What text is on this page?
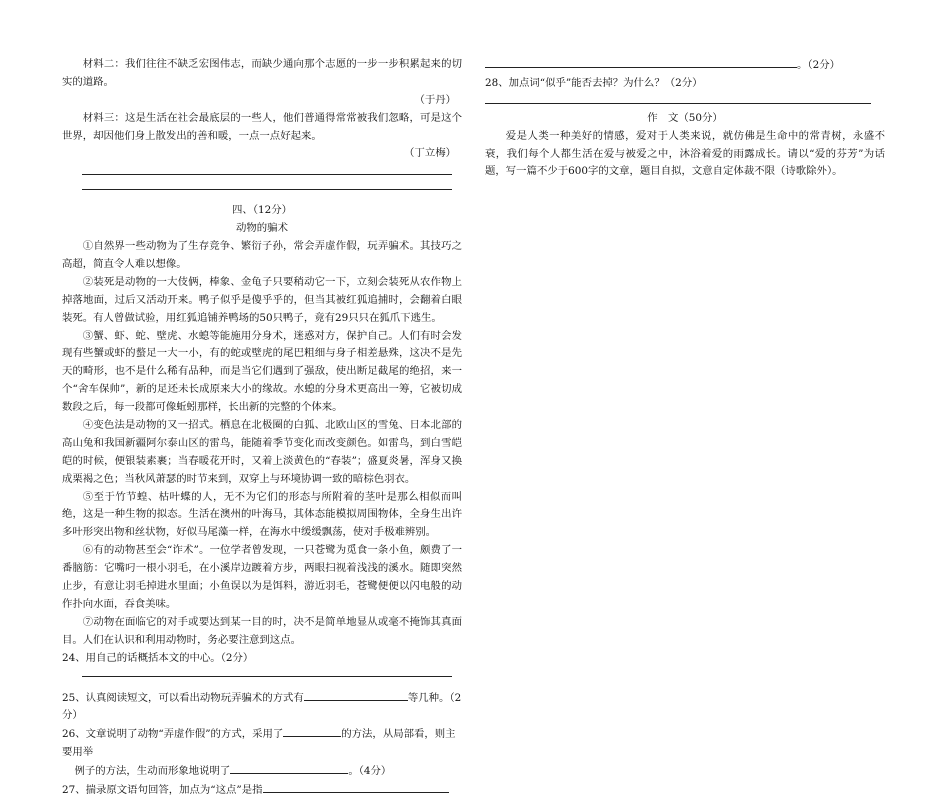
材料二：我们往往不缺乏宏图伟志，而缺少通向那个志愿的一步一步积累起来的切实的道路。

（于丹）

材料三：这是生活在社会最底层的一些人，他们普通得常常被我们忽略，可是这个世界，却因他们身上散发出的善和暖，一点一点好起来。

（丁立梅）

四、（12分）

动物的骗术

①自然界一些动物为了生存竞争、繁衍子孙，常会弄虚作假，玩弄骗术。其技巧之高超，简直令人难以想像。

②装死是动物的一大伎俩，棒象、金龟子只要稍动它一下，立刻会装死从农作物上掉落地面，过后又活动开来。鸭子似乎是傻乎乎的，但当其被红狐追捕时，会翻着白眼装死。有人曾做试验，用红狐追铺养鸭场的50只鸭子，竟有29只只在狐爪下逃生。

③蟹、虾、蛇、壁虎、水螅等能施用分身术，迷惑对方，保护自己。人们有时会发　现有些蟹或虾的螯足一大一小，有的蛇或壁虎的尾巴粗细与身子相差悬殊，这决不是先天的畸形，也不是什么稀有品种，而是当它们遇到了强敌，使出断足截尾的绝招，来一个“舍车保帅”，新的足还未长成原来大小的缘故。水螅的分身术更高出一筹，它被切成数段之后，每一段都可像蚯蚓那样，长出新的完整的个体来。

④变色法是动物的又一招式。栖息在北极圈的白狐、北欧山区的雪兔、日本北部的高山兔和我国新疆阿尔泰山区的雷鸟，能随着季节变化而改变颜色。如雷鸟，到白雪皑皑的时候，便银装素裹；当春暖花开时，又着上淡黄色的“春装”；盛夏炎暑，浑身又换成栗褐之色；当秋风萧瑟的时节来到，双穿上与环境协调一致的暗棕色羽衣。

⑤至于竹节蝗、枯叶蝶的人，无不为它们的形态与所附着的茎叶是那么相似而叫绝，这是一种生物的拟态。生活在澳州的叶海马，其体态能模拟周围物体，全身生出许多叶形突出物和丝状物，好似马尾藻一样，在海水中缓缓飘荡，使对手极难辨别。

⑥有的动物甚至会“诈术”。一位学者曾发现，一只苍鹭为觅食一条小鱼，颇费了一番脑筋：它嘴叼一根小羽毛，在小溪岸边踱着方步，两眼扫视着浅浅的溪水。随即突然止步，有意让羽毛掉进水里面；小鱼误以为是饵料，游近羽毛，苍鹭便便以闪电般的动作扑向水面，吞食美味。

⑦动物在面临它的对手或要达到某一目的时，决不是简单地显从或毫不掩饰其真面目。人们在认识和利用动物时，务必要注意到这点。

24、用自己的话概括本文的中心。（2分）

25、认真阅读短文，可以看出动物玩弄骗术的方式有	等几种。（2分）

26、文章说明了动物“弄虚作假”的方式，采用了	的方法，从局部看，则主要用举

例子的方法，生动而形象地说明了	。（4分）

27、揣录原文语句回答，加点为“这点”是指

。（2分）

28、加点词“似乎”能否去掉？为什么？（2分）

作　文（50分）

爱是人类一种美好的情感，爱对于人类来说，就仿佛是生命中的常青树，永盛不衰，我们每个人都生活在爱与被爱之中，沐浴着爱的雨露成长。请以“爱的芬芳”为话题，写一篇不少于600字的文章，题目自拟，文意自定体裁不限（诗歌除外）。
